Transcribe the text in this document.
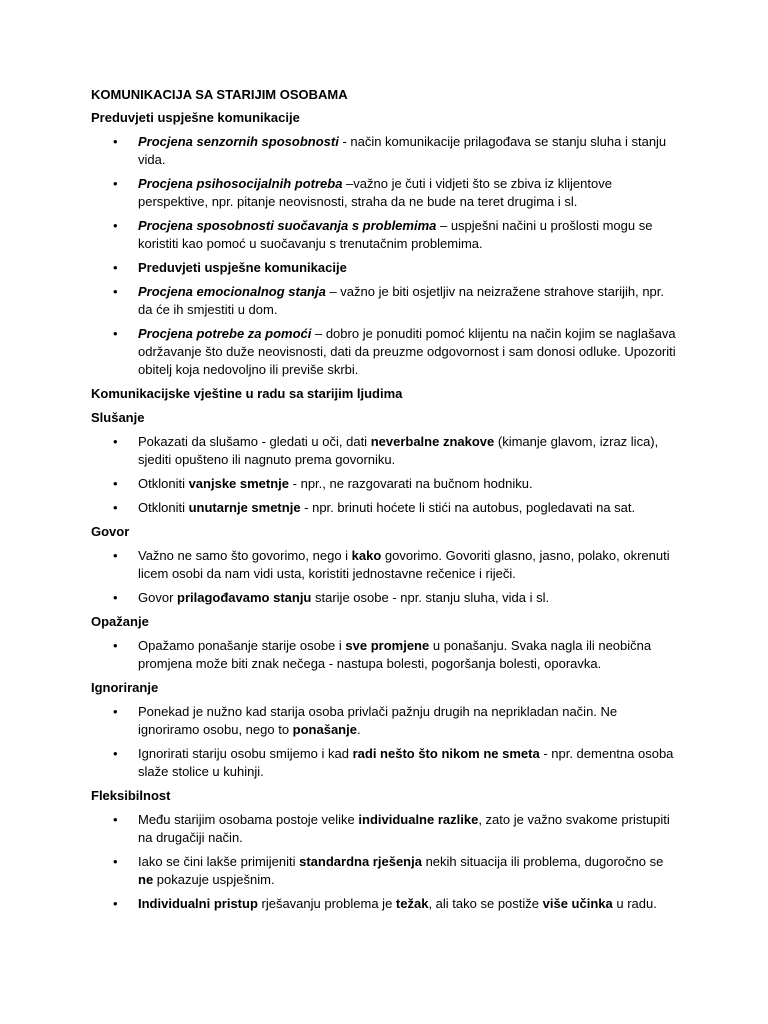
KOMUNIKACIJA SA STARIJIM OSOBAMA
Preduvjeti uspješne komunikacije
• Procjena senzornih sposobnosti - način komunikacije prilagođava se stanju sluha i stanju vida.
• Procjena psihosocijalnih potreba –važno je čuti i vidjeti što se zbiva iz klijentove perspektive, npr. pitanje neovisnosti, straha da ne bude na teret drugima i sl.
• Procjena sposobnosti suočavanja s problemima – uspješni načini u prošlosti mogu se koristiti kao pomoć u suočavanju s trenutačnim problemima.
• Preduvjeti uspješne komunikacije
• Procjena emocionalnog stanja – važno je biti osjetljiv na neizražene strahove starijih, npr. da će ih smjestiti u dom.
• Procjena potrebe za pomoći – dobro je ponuditi pomoć klijentu na način kojim se naglašava održavanje što duže neovisnosti, dati da preuzme odgovornost i sam donosi odluke. Upozoriti obitelj koja nedovoljno ili previše skrbi.
Komunikacijske vještine u radu sa starijim ljudima
Slušanje
• Pokazati da slušamo - gledati u oči, dati neverbalne znakove (kimanje glavom, izraz lica), sjediti opušteno ili nagnuto prema govorniku.
• Otkloniti vanjske smetnje - npr., ne razgovarati na bučnom hodniku.
• Otkloniti unutarnje smetnje - npr. brinuti hoćete li stići na autobus, pogledavati na sat.
Govor
• Važno ne samo što govorimo, nego i kako govorimo. Govoriti glasno, jasno, polako, okrenuti licem osobi da nam vidi usta, koristiti jednostavne rečenice i riječi.
• Govor prilagođavamo stanju starije osobe - npr. stanju sluha, vida i sl.
Opažanje
• Opažamo ponašanje starije osobe i sve promjene u ponašanju. Svaka nagla ili neobična promjena može biti znak nečega - nastupa bolesti, pogoršanja bolesti, oporavka.
Ignoriranje
• Ponekad je nužno kad starija osoba privlači pažnju drugih na neprikladan način. Ne ignoriramo osobu, nego to ponašanje.
• Ignorirati stariju osobu smijemo i kad radi nešto što nikom ne smeta - npr. dementna osoba slaže stolice u kuhinji.
Fleksibilnost
• Među starijim osobama postoje velike individualne razlike, zato je važno svakome pristupiti na drugačiji način.
• Iako se čini lakše primijeniti standardna rješenja nekih situacija ili problema, dugoročno se ne pokazuje uspješnim.
• Individualni pristup rješavanju problema je težak, ali tako se postiže više učinka u radu.
